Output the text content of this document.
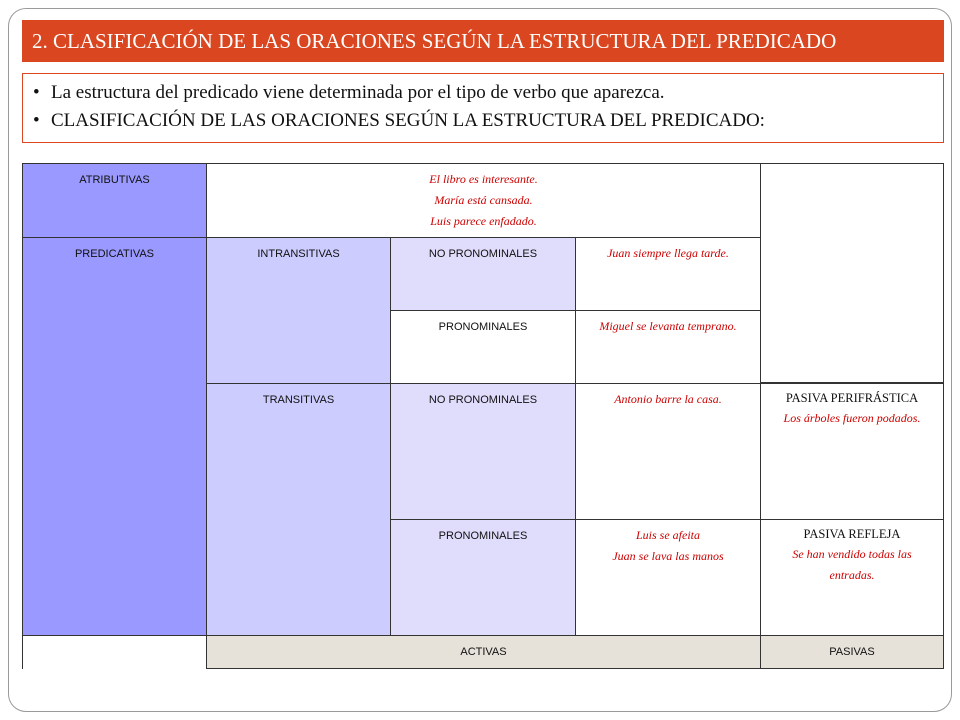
2. CLASIFICACIÓN DE LAS ORACIONES SEGÚN LA ESTRUCTURA DEL PREDICADO
• La estructura del predicado viene determinada por el tipo de verbo que aparezca.
• CLASIFICACIÓN DE LAS ORACIONES SEGÚN LA ESTRUCTURA DEL PREDICADO:
ATRIBUTIVAS
PREDICATIVAS
El libro es interesante.
María está cansada.
Luis parece enfadado.
INTRANSITIVAS
TRANSITIVAS
NO PRONOMINALES
PRONOMINALES
NO PRONOMINALES
PRONOMINALES
Juan siempre llega tarde.
Miguel se levanta temprano.
Antonio barre la casa.
Luis se afeita
Juan se lava las manos
PASIVA PERIFRÁSTICA
Los árboles fueron podados.
PASIVA REFLEJA
Se han vendido todas las
entradas.
ACTIVAS	PASIVAS
